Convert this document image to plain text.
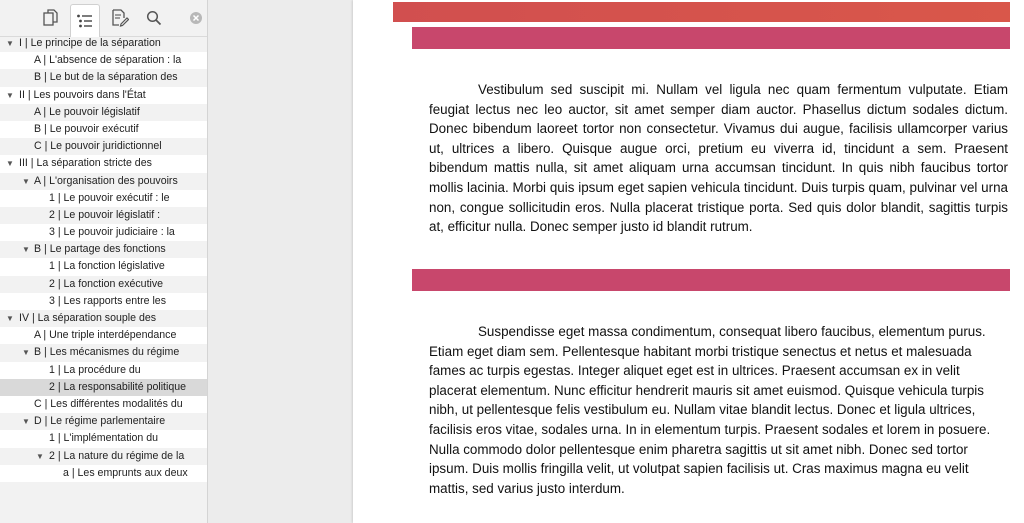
▼ I | Le principe de la séparation
A | L'absence de séparation : la
B | Le but de la séparation des
▼ II | Les pouvoirs dans l'État
A | Le pouvoir législatif
B | Le pouvoir exécutif
C | Le pouvoir juridictionnel
▼ III | La séparation stricte des
▼ A | L'organisation des pouvoirs
1 | Le pouvoir exécutif : le
2 | Le pouvoir législatif :
3 | Le pouvoir judiciaire : la
▼ B | Le partage des fonctions
1 | La fonction législative
2 | La fonction exécutive
3 | Les rapports entre les
▼ IV | La séparation souple des
A | Une triple interdépendance
▼ B | Les mécanismes du régime
1 | La procédure du
2 | La responsabilité politique
C | Les différentes modalités du
▼ D | Le régime parlementaire
1 | L'implémentation du
▼ 2 | La nature du régime de la
a | Les emprunts aux deux

Vestibulum sed suscipit mi. Nullam vel ligula nec quam fermentum vulputate. Etiam feugiat lectus nec leo auctor, sit amet semper diam auctor. Phasellus dictum sodales dictum. Donec bibendum laoreet tortor non consectetur. Vivamus dui augue, facilisis ullamcorper varius ut, ultrices a libero. Quisque augue orci, pretium eu viverra id, tincidunt a sem. Praesent bibendum mattis nulla, sit amet aliquam urna accumsan tincidunt. In quis nibh faucibus tortor mollis lacinia. Morbi quis ipsum eget sapien vehicula tincidunt. Duis turpis quam, pulvinar vel urna non, congue sollicitudin eros. Nulla placerat tristique porta. Sed quis dolor blandit, sagittis turpis at, efficitur nulla. Donec semper justo id blandit rutrum.

Suspendisse eget massa condimentum, consequat libero faucibus, elementum purus. Etiam eget diam sem. Pellentesque habitant morbi tristique senectus et netus et malesuada fames ac turpis egestas. Integer aliquet eget est in ultrices. Praesent accumsan ex in velit placerat elementum. Nunc efficitur hendrerit mauris sit amet euismod. Quisque vehicula turpis nibh, ut pellentesque felis vestibulum eu. Nullam vitae blandit lectus. Donec et ligula ultrices, facilisis eros vitae, sodales urna. In in elementum turpis. Praesent sodales et lorem in posuere. Nulla commodo dolor pellentesque enim pharetra sagittis ut sit amet nibh. Donec sed tortor ipsum. Duis mollis fringilla velit, ut volutpat sapien facilisis ut. Cras maximus magna eu velit mattis, sed varius justo interdum.
